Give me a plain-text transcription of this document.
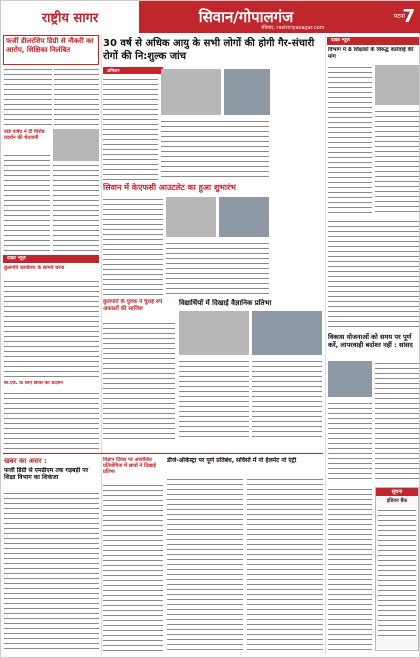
राष्ट्रीय सागर	सिवान/गोपालगंज	पटना
7
रविवार, rashtriyasagar.com
फर्जी डीलरशिप डिग्री से नौकरी का आरोप, शिक्षिका निलंबित
वार्ड पार्षद ने दी विरोध प्रदर्शन की चेतावनी
दीक्षा न्यूज़
कुलपति कार्यालय के सामने धरना
बी.एड. के लिए छात्रों का प्रदर्शन
30 वर्ष से अधिक आयु के सभी लोगों की होगी गैर-संचारी रोगों की नि:शुल्क जांच
अभियान
सिवान में केएफसी आउटलेट का हुआ शुभारंभ
कुलपति के युवक ने चुराई रुपे अफसरों की साजिश
विद्यार्थियों में दिखाई वैज्ञानिक प्रतिभा
खबर का असर :
फर्जी डिग्री से एमडीएम तक गड़बड़ी पर शिक्षा विभाग का शिकंजा
विज्ञान दिवस पर आयोजित प्रतियोगिता में छात्रों ने दिखाई प्रतिभा
डीजे-ऑर्केस्ट्रा पर पूर्ण प्रतिबंध, सर्विसों में नो हेलमेट नो एंट्री
दीक्षा न्यूज़
विभाग में 8 शिक्षकों के विरुद्ध कार्रवाई की मांग
विकास योजनाओं को समय पर पूर्ण करें, लापरवाही बर्दाश्त नहीं : सांसद
सूचना
इंडियन बैंक
